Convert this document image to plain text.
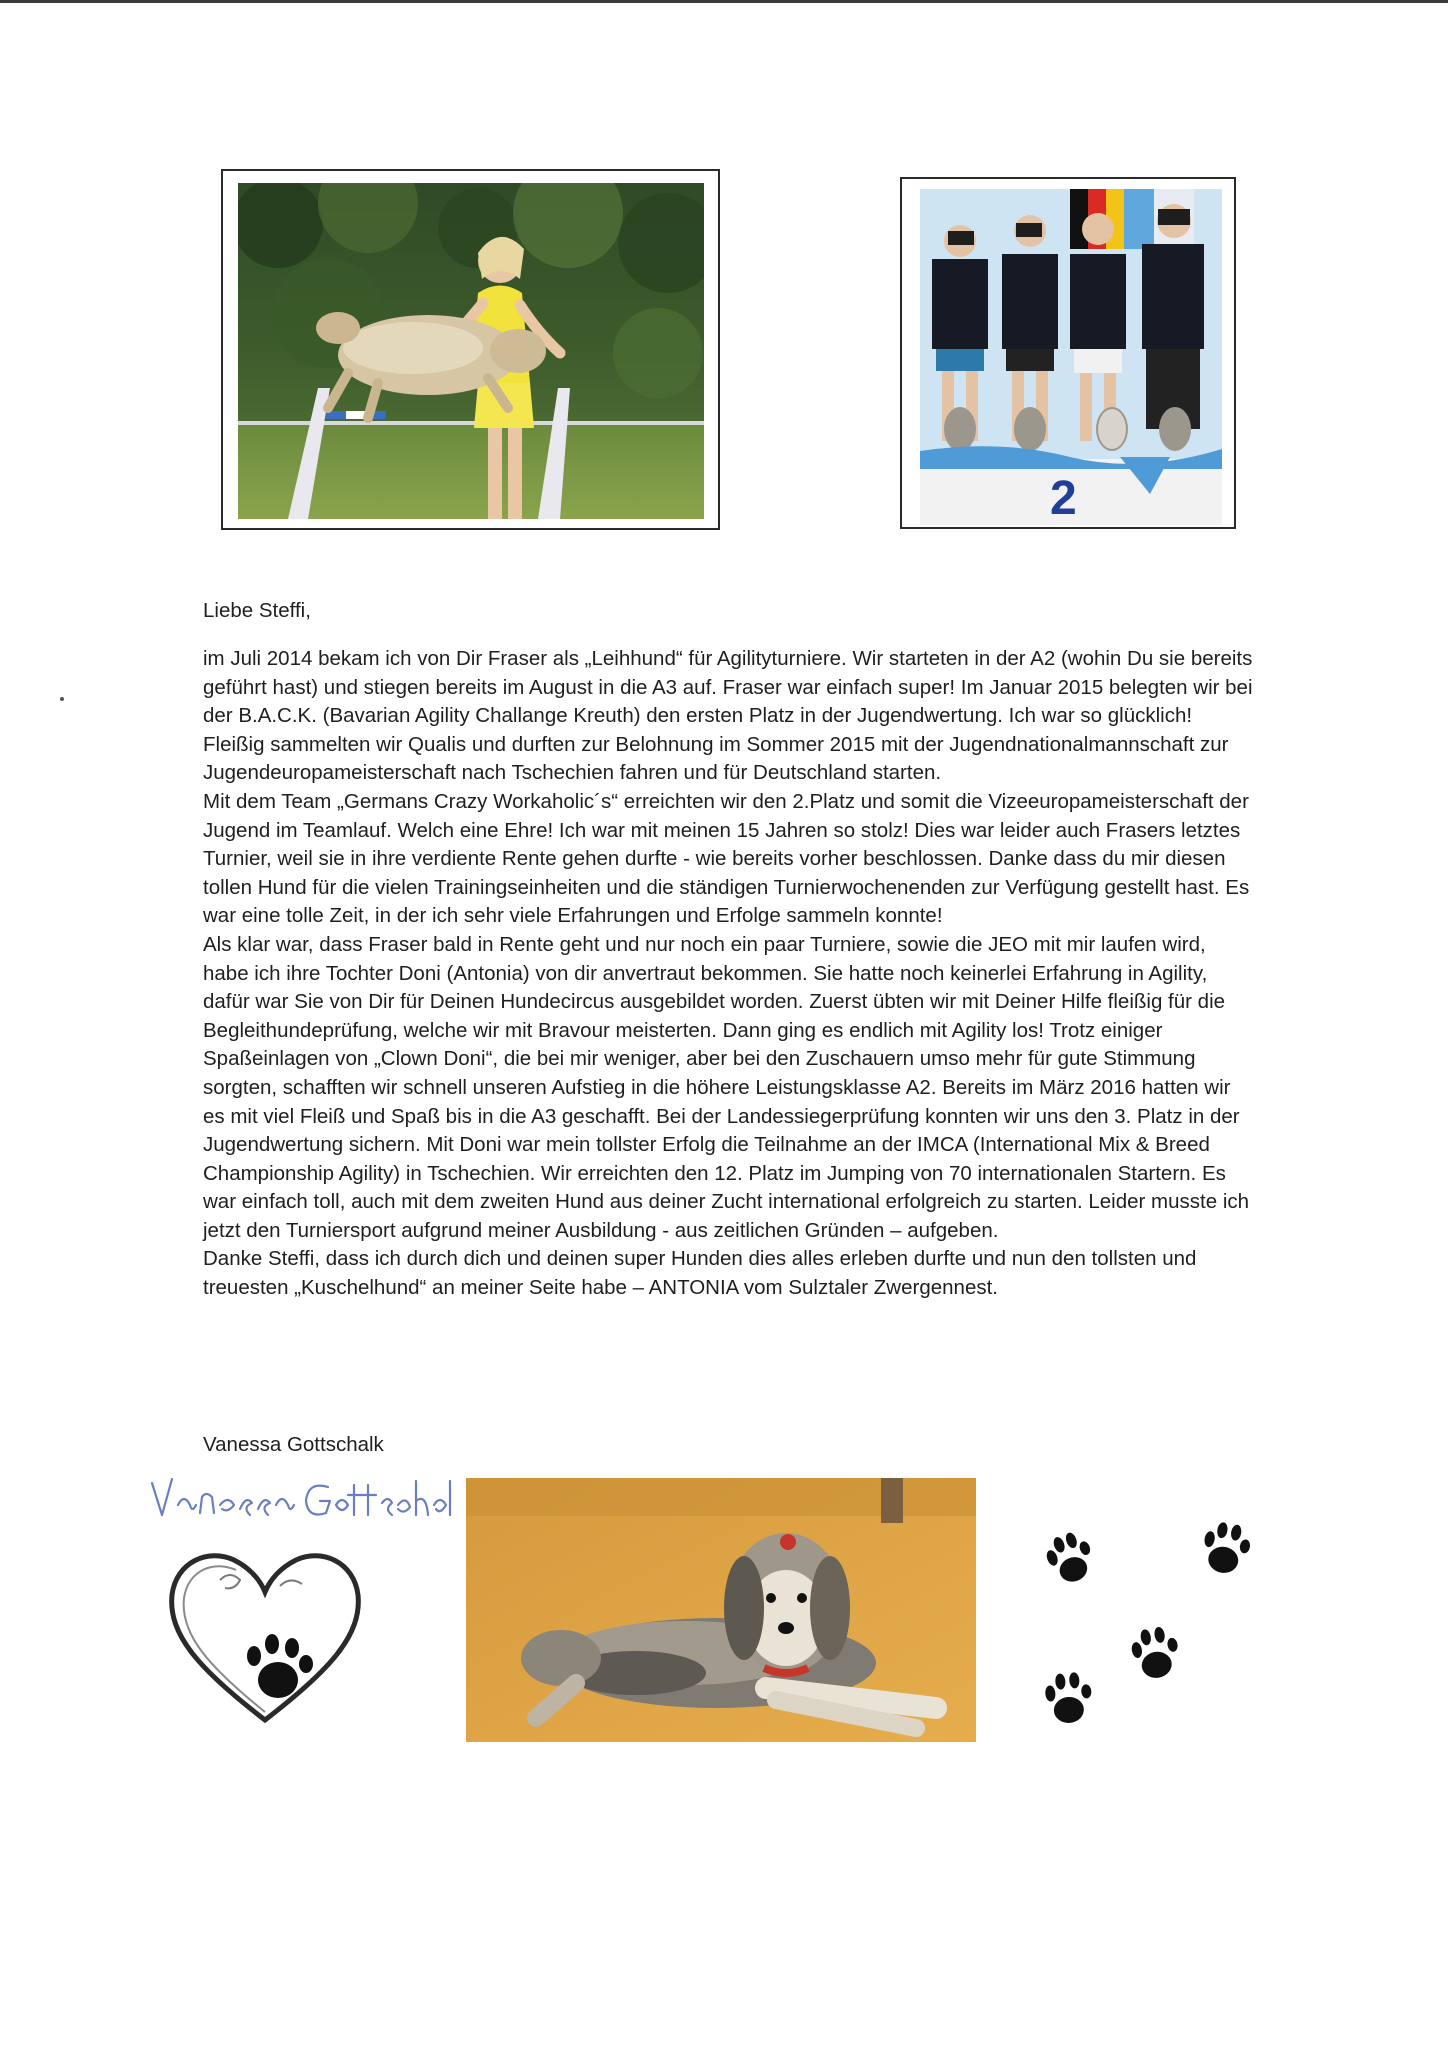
2
Liebe Steffi,

im Juli 2014 bekam ich von Dir Fraser als „Leihhund“ für Agilityturniere. Wir starteten in der A2 (wohin Du sie bereits geführt hast) und stiegen bereits im August in die A3 auf. Fraser war einfach super! Im Januar 2015 belegten wir bei der B.A.C.K. (Bavarian Agility Challange Kreuth) den ersten Platz in der Jugendwertung. Ich war so glücklich! Fleißig sammelten wir Qualis und durften zur Belohnung im Sommer 2015 mit der Jugendnationalmannschaft zur Jugendeuropameisterschaft nach Tschechien fahren und für Deutschland starten.

Mit dem Team „Germans Crazy Workaholic´s“ erreichten wir den 2.Platz und somit die Vizeeuropameisterschaft der Jugend im Teamlauf. Welch eine Ehre! Ich war mit meinen 15 Jahren so stolz! Dies war leider auch Frasers letztes Turnier, weil sie in ihre verdiente Rente gehen durfte - wie bereits vorher beschlossen. Danke dass du mir diesen tollen Hund für die vielen Trainingseinheiten und die ständigen Turnierwochenenden zur Verfügung gestellt hast. Es war eine tolle Zeit, in der ich sehr viele Erfahrungen und Erfolge sammeln konnte!

Als klar war, dass Fraser bald in Rente geht und nur noch ein paar Turniere, sowie die JEO mit mir laufen wird, habe ich ihre Tochter Doni (Antonia) von dir anvertraut bekommen. Sie hatte noch keinerlei Erfahrung in Agility, dafür war Sie von Dir für Deinen Hundecircus ausgebildet worden. Zuerst übten wir mit Deiner Hilfe fleißig für die Begleithundeprüfung, welche wir mit Bravour meisterten. Dann ging es endlich mit Agility los! Trotz einiger Spaßeinlagen von „Clown Doni“, die bei mir weniger, aber bei den Zuschauern umso mehr für gute Stimmung sorgten, schafften wir schnell unseren Aufstieg in die höhere Leistungsklasse A2. Bereits im März 2016 hatten wir es mit viel Fleiß und Spaß bis in die A3 geschafft. Bei der Landessiegerprüfung konnten wir uns den 3. Platz in der Jugendwertung sichern. Mit Doni war mein tollster Erfolg die Teilnahme an der IMCA (International Mix & Breed Championship Agility) in Tschechien. Wir erreichten den 12. Platz im Jumping von 70 internationalen Startern. Es war einfach toll, auch mit dem zweiten Hund aus deiner Zucht international erfolgreich zu starten. Leider musste ich jetzt den Turniersport aufgrund meiner Ausbildung - aus zeitlichen Gründen – aufgeben.

Danke Steffi, dass ich durch dich und deinen super Hunden dies alles erleben durfte und nun den tollsten und treuesten „Kuschelhund“ an meiner Seite habe – ANTONIA vom Sulztaler Zwergennest.

Vanessa Gottschalk
